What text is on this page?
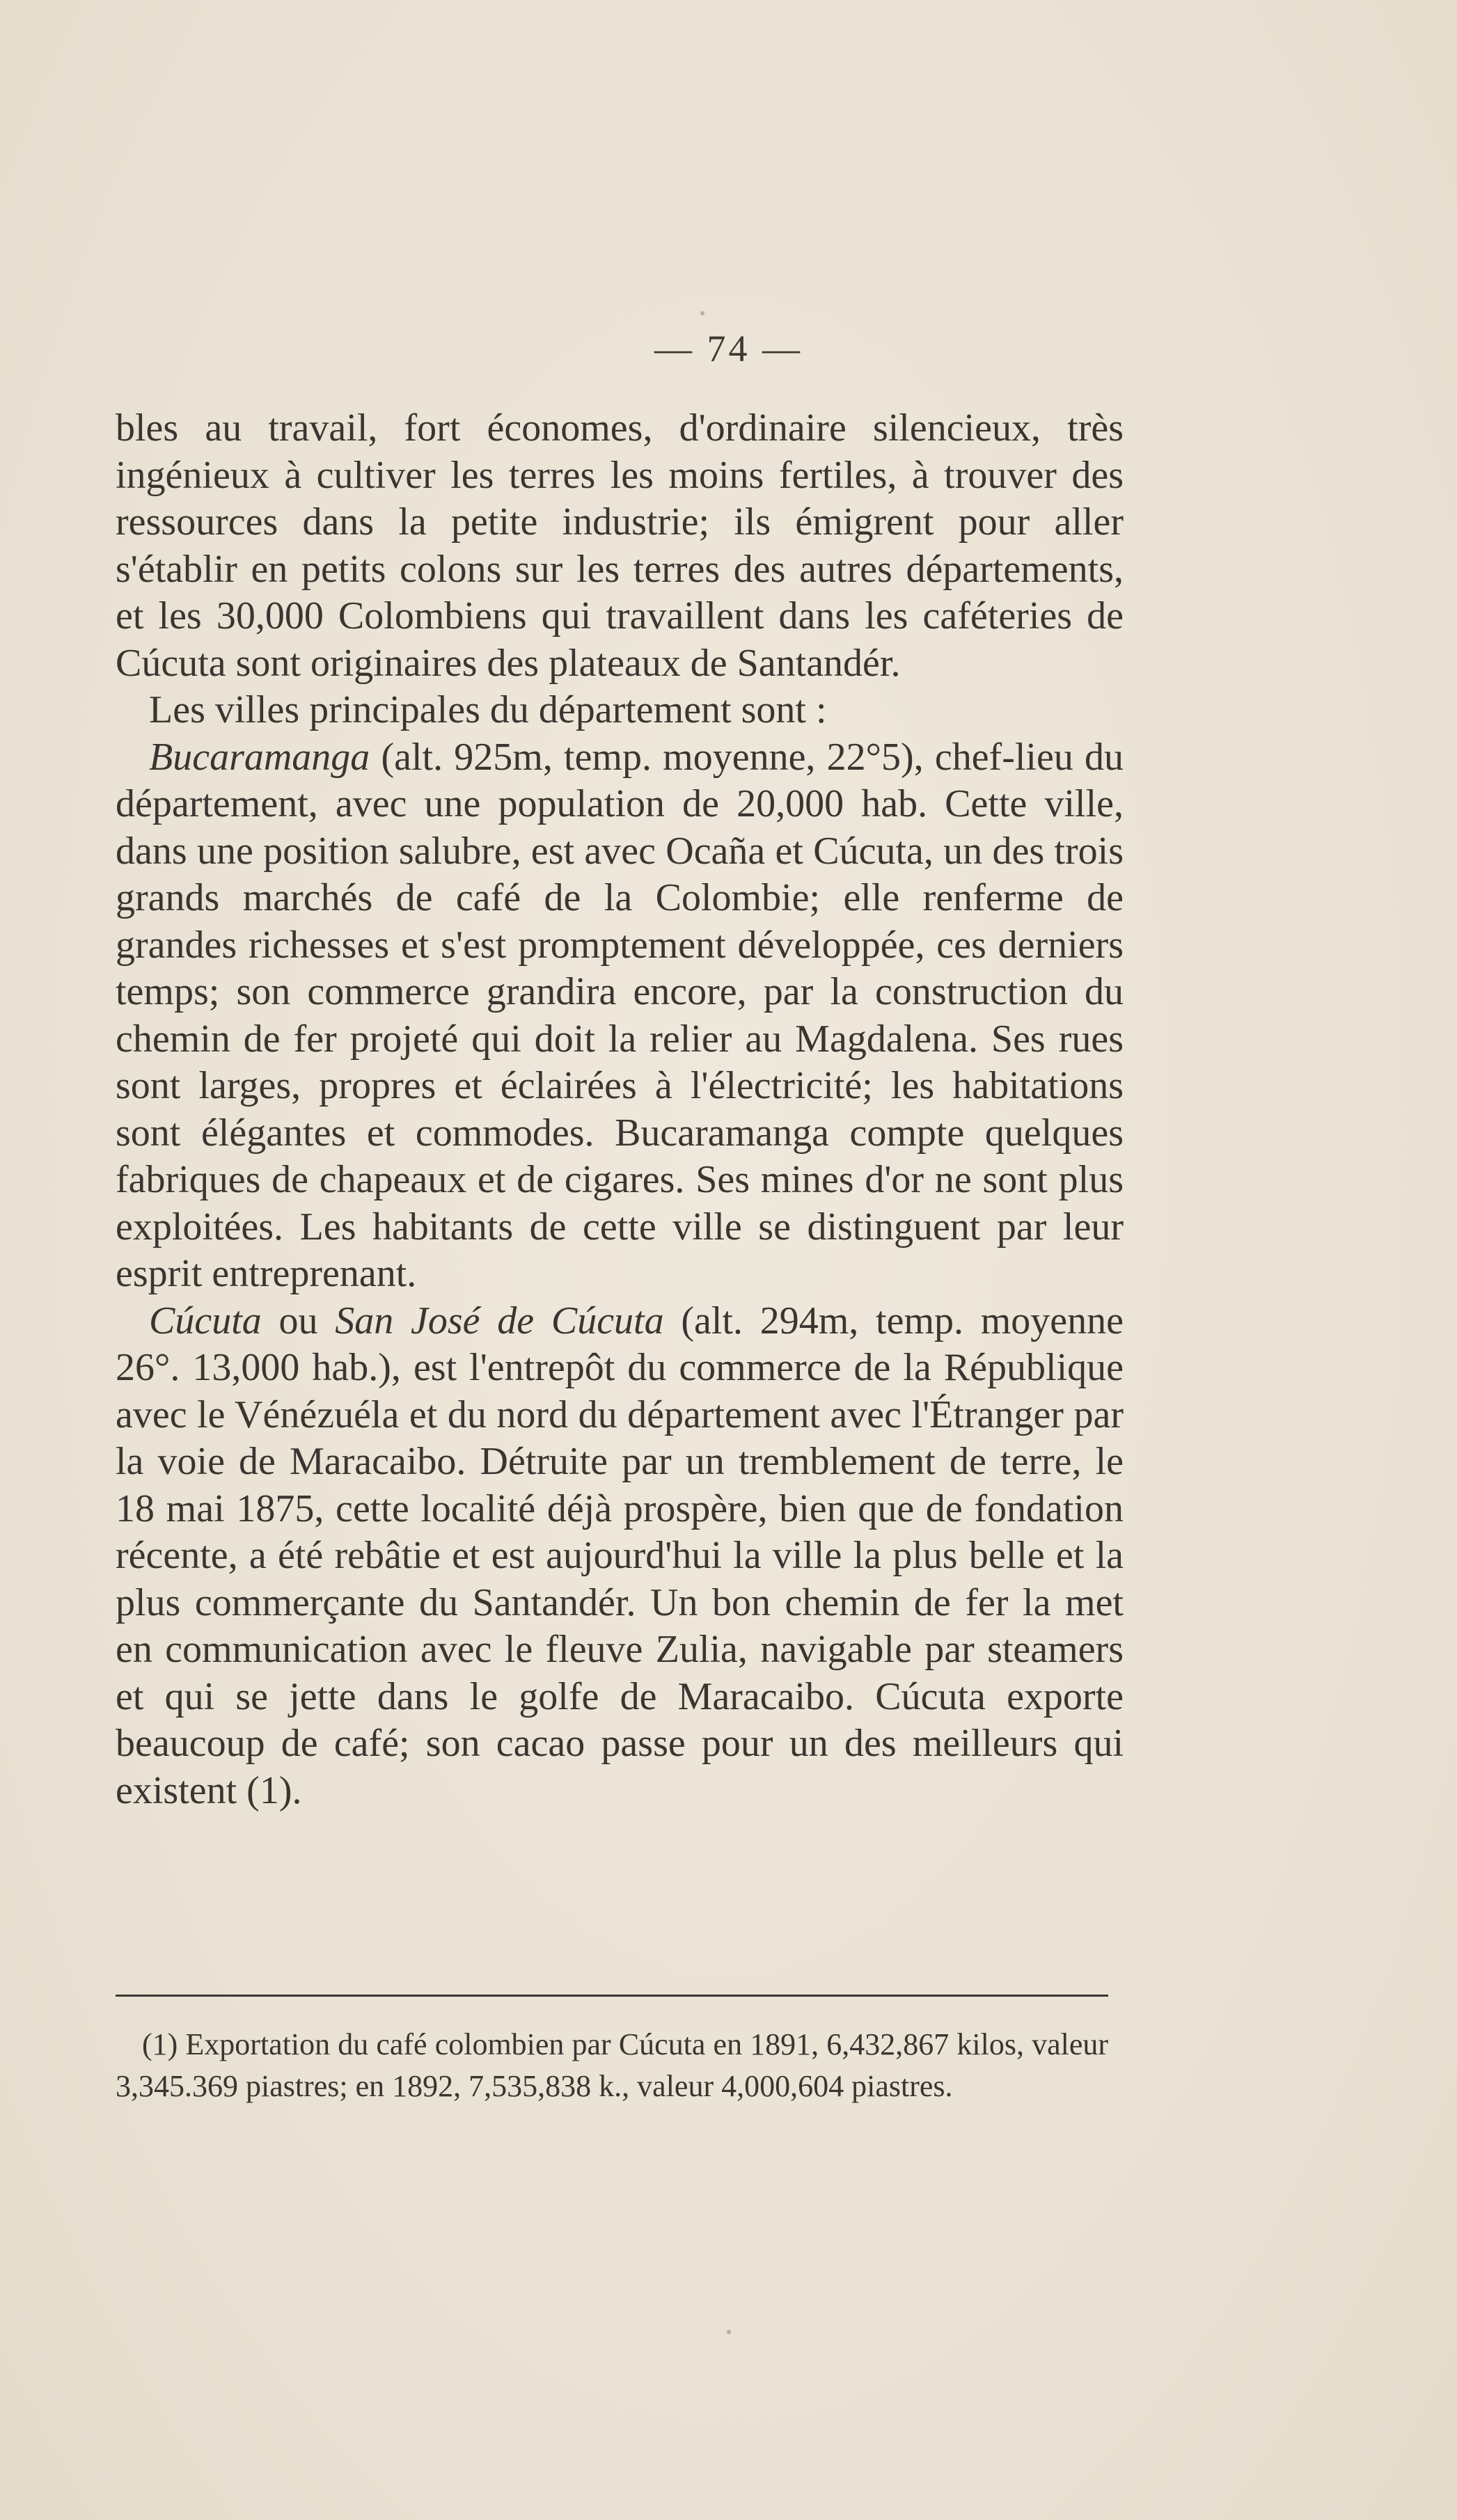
— 74 —

bles au travail, fort économes, d'ordinaire silencieux, très ingénieux à cultiver les terres les moins fertiles, à trouver des ressources dans la petite industrie; ils émigrent pour aller s'établir en petits colons sur les terres des autres départements, et les 30,000 Colombiens qui travaillent dans les caféteries de Cúcuta sont originaires des plateaux de Santandér.

Les villes principales du département sont :

Bucaramanga (alt. 925m, temp. moyenne, 22°5), chef-lieu du département, avec une population de 20,000 hab. Cette ville, dans une position salubre, est avec Ocaña et Cúcuta, un des trois grands marchés de café de la Colombie; elle renferme de grandes richesses et s'est promptement développée, ces derniers temps; son commerce grandira encore, par la construction du chemin de fer projeté qui doit la relier au Magdalena. Ses rues sont larges, propres et éclairées à l'électricité; les habitations sont élégantes et commodes. Bucaramanga compte quelques fabriques de chapeaux et de cigares. Ses mines d'or ne sont plus exploitées. Les habitants de cette ville se distinguent par leur esprit entreprenant.

Cúcuta ou San José de Cúcuta (alt. 294m, temp. moyenne 26°. 13,000 hab.), est l'entrepôt du commerce de la République avec le Vénézuéla et du nord du département avec l'Étranger par la voie de Maracaibo. Détruite par un tremblement de terre, le 18 mai 1875, cette localité déjà prospère, bien que de fondation récente, a été rebâtie et est aujourd'hui la ville la plus belle et la plus commerçante du Santandér. Un bon chemin de fer la met en communication avec le fleuve Zulia, navigable par steamers et qui se jette dans le golfe de Maracaibo. Cúcuta exporte beaucoup de café; son cacao passe pour un des meilleurs qui existent (1).

(1) Exportation du café colombien par Cúcuta en 1891, 6,432,867 kilos, valeur 3,345.369 piastres; en 1892, 7,535,838 k., valeur 4,000,604 piastres.
